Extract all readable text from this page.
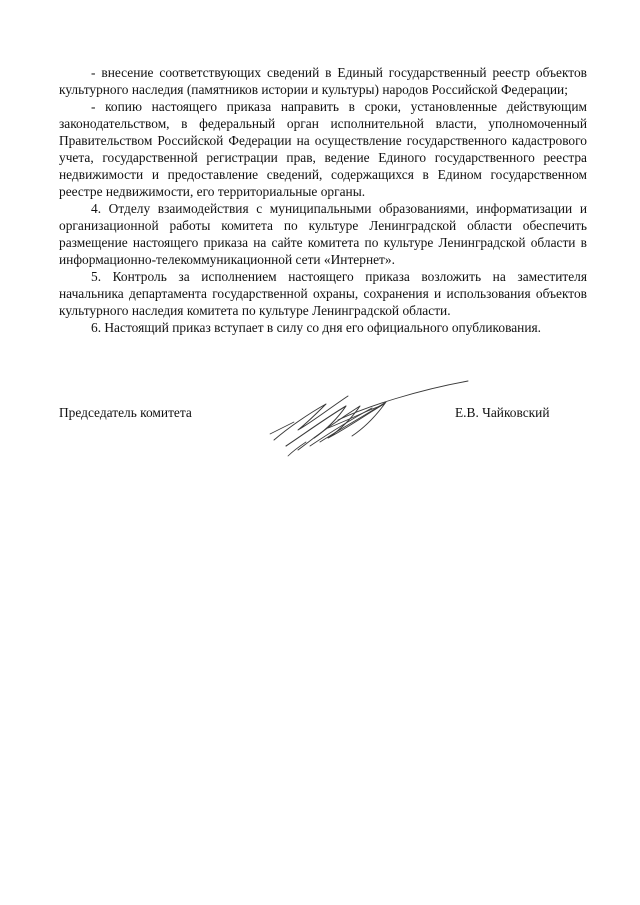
- внесение соответствующих сведений в Единый государственный реестр объектов культурного наследия (памятников истории и культуры) народов Российской Федерации;

- копию настоящего приказа направить в сроки, установленные действующим законодательством, в федеральный орган исполнительной власти, уполномоченный Правительством Российской Федерации на осуществление государственного кадастрового учета, государственной регистрации прав, ведение Единого государственного реестра недвижимости и предоставление сведений, содержащихся в Едином государственном реестре недвижимости, его территориальные органы.

4. Отделу взаимодействия с муниципальными образованиями, информатизации и организационной работы комитета по культуре Ленинградской области обеспечить размещение настоящего приказа на сайте комитета по культуре Ленинградской области в информационно-телекоммуникационной сети «Интернет».

5. Контроль за исполнением настоящего приказа возложить на заместителя начальника департамента государственной охраны, сохранения и использования объектов культурного наследия комитета по культуре Ленинградской области.

6. Настоящий приказ вступает в силу со дня его официального опубликования.

Председатель комитета	Е.В. Чайковский
